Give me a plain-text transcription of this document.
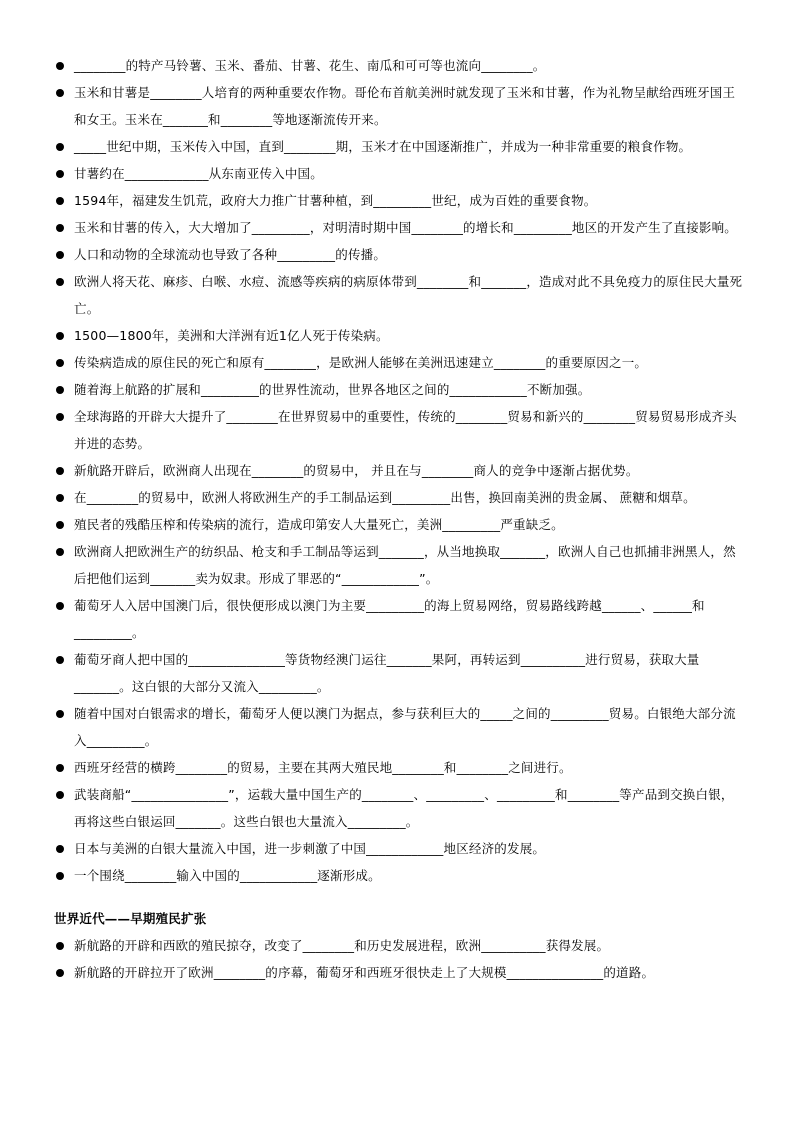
________的特产马铃薯、玉米、番茄、甘薯、花生、南瓜和可可等也流向________。
玉米和甘薯是________人培育的两种重要农作物。哥伦布首航美洲时就发现了玉米和甘薯，作为礼物呈献给西班牙国王和女王。玉米在_______和________等地逐渐流传开来。
_____世纪中期，玉米传入中国，直到________期，玉米才在中国逐渐推广，并成为一种非常重要的粮食作物。
甘薯约在_____________从东南亚传入中国。
1594年，福建发生饥荒，政府大力推广甘薯种植，到_________世纪，成为百姓的重要食物。
玉米和甘薯的传入，大大增加了_________，对明清时期中国________的增长和_________地区的开发产生了直接影响。
人口和动物的全球流动也导致了各种_________的传播。
欧洲人将天花、麻疹、白喉、水痘、流感等疾病的病原体带到________和_______，造成对此不具免疫力的原住民大量死亡。
1500—1800年，美洲和大洋洲有近1亿人死于传染病。
传染病造成的原住民的死亡和原有________，是欧洲人能够在美洲迅速建立________的重要原因之一。
随着海上航路的扩展和_________的世界性流动，世界各地区之间的____________不断加强。
全球海路的开辟大大提升了________在世界贸易中的重要性，传统的________贸易和新兴的________贸易贸易形成齐头并进的态势。
新航路开辟后，欧洲商人出现在________的贸易中， 并且在与________商人的竞争中逐渐占据优势。
在________的贸易中，欧洲人将欧洲生产的手工制品运到_________出售，换回南美洲的贵金属、 蔗糖和烟草。
殖民者的残酷压榨和传染病的流行，造成印第安人大量死亡，美洲_________严重缺乏。
欧洲商人把欧洲生产的纺织品、枪支和手工制品等运到_______，从当地换取_______，欧洲人自己也抓捕非洲黑人，然后把他们运到_______卖为奴隶。形成了罪恶的“____________”。
葡萄牙人入居中国澳门后，很快便形成以澳门为主要_________的海上贸易网络，贸易路线跨越______、______和_________。
葡萄牙商人把中国的_______________等货物经澳门运往_______果阿，再转运到__________进行贸易，获取大量_______。这白银的大部分又流入_________。
随着中国对白银需求的增长，葡萄牙人便以澳门为据点，参与获利巨大的_____之间的_________贸易。白银绝大部分流入_________。
西班牙经营的横跨________的贸易，主要在其两大殖民地________和________之间进行。
武装商船“_______________”，运载大量中国生产的________、_________、_________和________等产品到交换白银，再将这些白银运回_______。这些白银也大量流入_________。
日本与美洲的白银大量流入中国，进一步刺激了中国____________地区经济的发展。
一个围绕________输入中国的____________逐渐形成。
世界近代——早期殖民扩张
新航路的开辟和西欧的殖民掠夺，改变了________和历史发展进程，欧洲__________获得发展。
新航路的开辟拉开了欧洲________的序幕，葡萄牙和西班牙很快走上了大规模_______________的道路。
